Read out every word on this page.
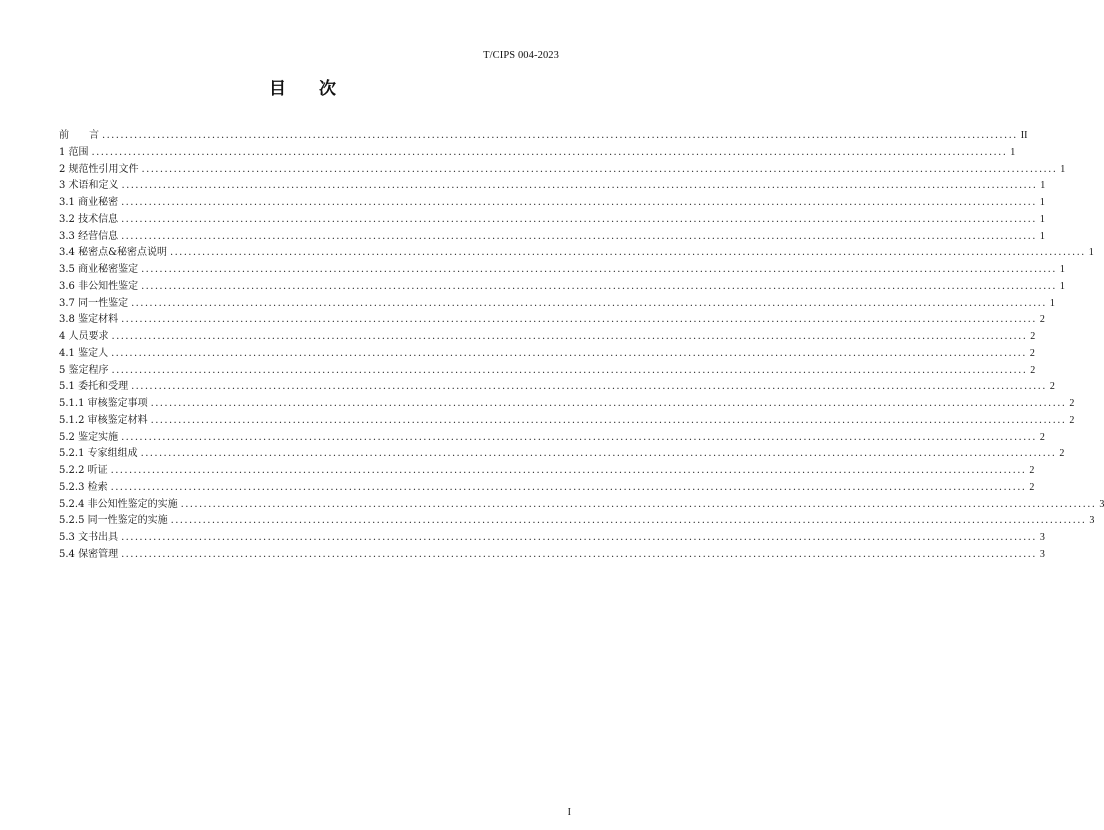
T/CIPS 004-2023
目 次
前　　言 ........................................................................................................................................................................................................ II
1 范围 ........................................................................................................................................................................................................ 1
2 规范性引用文件 ........................................................................................................................................................................................................ 1
3 术语和定义 ........................................................................................................................................................................................................ 1
3.1 商业秘密 ........................................................................................................................................................................................................ 1
3.2 技术信息 ........................................................................................................................................................................................................ 1
3.3 经营信息 ........................................................................................................................................................................................................ 1
3.4 秘密点&秘密点说明 ........................................................................................................................................................................................................ 1
3.5 商业秘密鉴定 ........................................................................................................................................................................................................ 1
3.6 非公知性鉴定 ........................................................................................................................................................................................................ 1
3.7 同一性鉴定 ........................................................................................................................................................................................................ 1
3.8 鉴定材料 ........................................................................................................................................................................................................ 2
4 人员要求 ........................................................................................................................................................................................................ 2
4.1 鉴定人 ........................................................................................................................................................................................................ 2
5 鉴定程序 ........................................................................................................................................................................................................ 2
5.1 委托和受理 ........................................................................................................................................................................................................ 2
5.1.1 审核鉴定事项 ........................................................................................................................................................................................................ 2
5.1.2 审核鉴定材料 ........................................................................................................................................................................................................ 2
5.2 鉴定实施 ........................................................................................................................................................................................................ 2
5.2.1 专家组组成 ........................................................................................................................................................................................................ 2
5.2.2 听证 ........................................................................................................................................................................................................ 2
5.2.3 检索 ........................................................................................................................................................................................................ 2
5.2.4 非公知性鉴定的实施 ........................................................................................................................................................................................................ 3
5.2.5 同一性鉴定的实施 ........................................................................................................................................................................................................ 3
5.3 文书出具 ........................................................................................................................................................................................................ 3
5.4 保密管理 ........................................................................................................................................................................................................ 3
I
